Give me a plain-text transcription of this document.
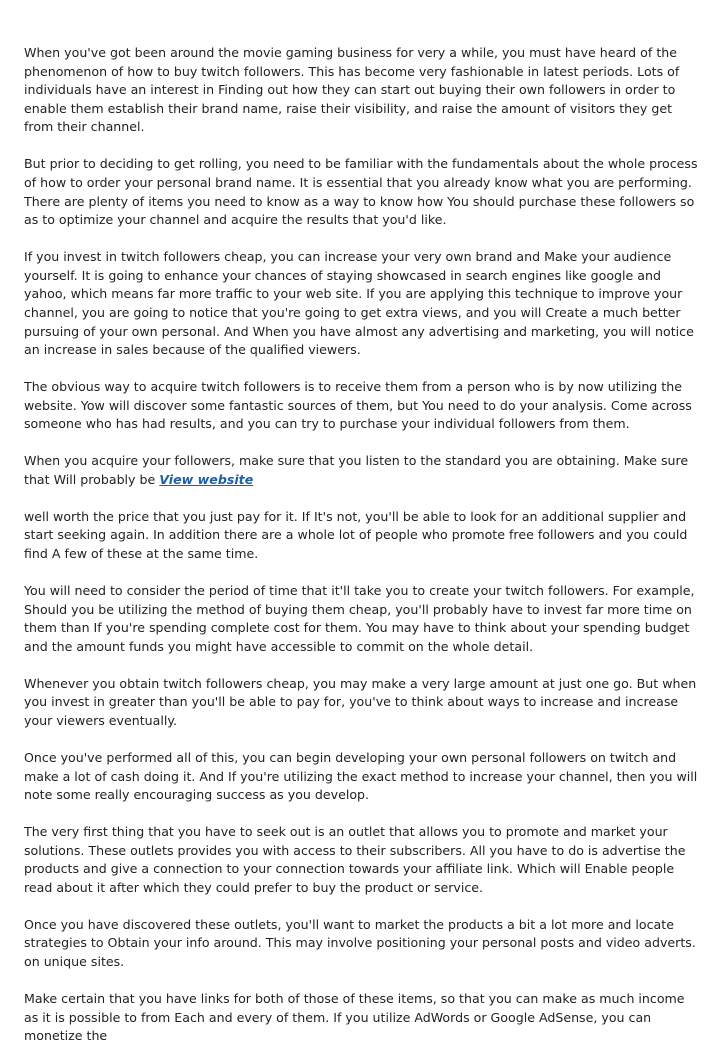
When you've got been around the movie gaming business for very a while, you must have heard of the phenomenon of how to buy twitch followers. This has become very fashionable in latest periods. Lots of individuals have an interest in Finding out how they can start out buying their own followers in order to enable them establish their brand name, raise their visibility, and raise the amount of visitors they get from their channel.

But prior to deciding to get rolling, you need to be familiar with the fundamentals about the whole process of how to order your personal brand name. It is essential that you already know what you are performing. There are plenty of items you need to know as a way to know how You should purchase these followers so as to optimize your channel and acquire the results that you'd like.

If you invest in twitch followers cheap, you can increase your very own brand and Make your audience yourself. It is going to enhance your chances of staying showcased in search engines like google and yahoo, which means far more traffic to your web site. If you are applying this technique to improve your channel, you are going to notice that you're going to get extra views, and you will Create a much better pursuing of your own personal. And When you have almost any advertising and marketing, you will notice an increase in sales because of the qualified viewers.

The obvious way to acquire twitch followers is to receive them from a person who is by now utilizing the website. Yow will discover some fantastic sources of them, but You need to do your analysis. Come across someone who has had results, and you can try to purchase your individual followers from them.

When you acquire your followers, make sure that you listen to the standard you are obtaining. Make sure that Will probably be View website

well worth the price that you just pay for it. If It's not, you'll be able to look for an additional supplier and start seeking again. In addition there are a whole lot of people who promote free followers and you could find A few of these at the same time.

You will need to consider the period of time that it'll take you to create your twitch followers. For example, Should you be utilizing the method of buying them cheap, you'll probably have to invest far more time on them than If you're spending complete cost for them. You may have to think about your spending budget and the amount funds you might have accessible to commit on the whole detail.

Whenever you obtain twitch followers cheap, you may make a very large amount at just one go. But when you invest in greater than you'll be able to pay for, you've to think about ways to increase and increase your viewers eventually.

Once you've performed all of this, you can begin developing your own personal followers on twitch and make a lot of cash doing it. And If you're utilizing the exact method to increase your channel, then you will note some really encouraging success as you develop.

The very first thing that you have to seek out is an outlet that allows you to promote and market your solutions. These outlets provides you with access to their subscribers. All you have to do is advertise the products and give a connection to your connection towards your affiliate link. Which will Enable people read about it after which they could prefer to buy the product or service.

Once you have discovered these outlets, you'll want to market the products a bit a lot more and locate strategies to Obtain your info around. This may involve positioning your personal posts and video adverts. on unique sites.

Make certain that you have links for both of those of these items, so that you can make as much income as it is possible to from Each and every of them. If you utilize AdWords or Google AdSense, you can monetize the
